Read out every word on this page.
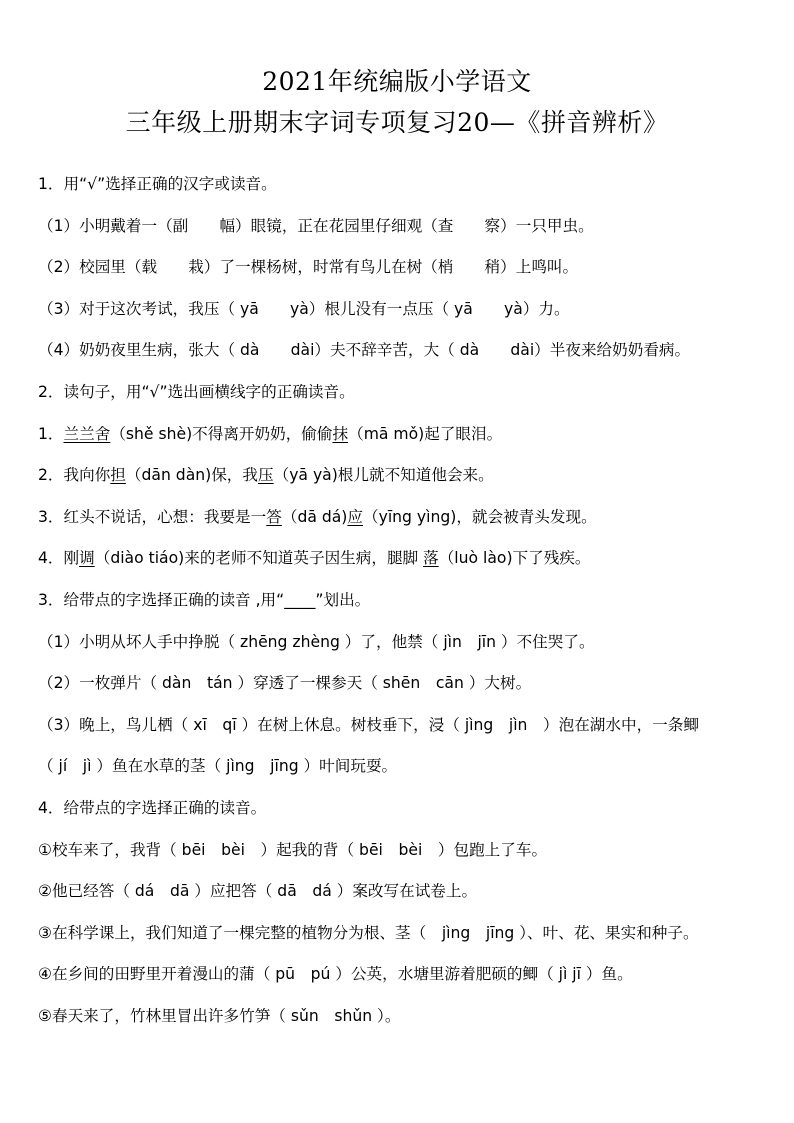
2021年统编版小学语文
三年级上册期末字词专项复习20—《拼音辨析》
1．用“√”选择正确的汉字或读音。
（1）小明戴着一（副　　幅）眼镜，正在花园里仔细观（查　　察）一只甲虫。
（2）校园里（载　　栽）了一棵杨树，时常有鸟儿在树（梢　　稍）上鸣叫。
（3）对于这次考试，我压（ yā　　yà）根儿没有一点压（ yā　　yà）力。
（4）奶奶夜里生病，张大（ dà　　dài）夫不辞辛苦，大（ dà　　dài）半夜来给奶奶看病。
2．读句子，用“√”选出画横线字的正确读音。
1．兰兰舍（shě shè)不得离开奶奶，偷偷抹（mā mǒ)起了眼泪。
2．我向你担（dān dàn)保，我压（yā yà)根儿就不知道他会来。
3．红头不说话，心想：我要是一答（dā dá)应（yīng yìng)，就会被青头发现。
4．刚调（diào tiáo)来的老师不知道英子因生病，腿脚 落（luò lào)下了残疾。
3．给带点的字选择正确的读音 ,用“____”划出。
（1）小明从坏人手中挣脱（ zhēng zhèng ）了，他禁（ jìn　jīn ）不住哭了。
（2）一枚弹片（ dàn　tán ）穿透了一棵参天（ shēn　cān ）大树。
（3）晚上，鸟儿栖（ xī　qī ）在树上休息。树枝垂下，浸（ jìng　jìn　）泡在湖水中，一条鲫
（ jí　jì ）鱼在水草的茎（ jìng　jīng ）叶间玩耍。
4．给带点的字选择正确的读音。
①校车来了，我背（ bēi　bèi　）起我的背（ bēi　bèi　）包跑上了车。
②他已经答（ dá　dā ）应把答（ dā　dá ）案改写在试卷上。
③在科学课上，我们知道了一棵完整的植物分为根、茎（　jìng　jīng ）、叶、花、果实和种子。
④在乡间的田野里开着漫山的蒲（ pū　pú ）公英，水塘里游着肥硕的鲫（ jì jī ）鱼。
⑤春天来了，竹林里冒出许多竹笋（ sǔn　shǔn ）。
